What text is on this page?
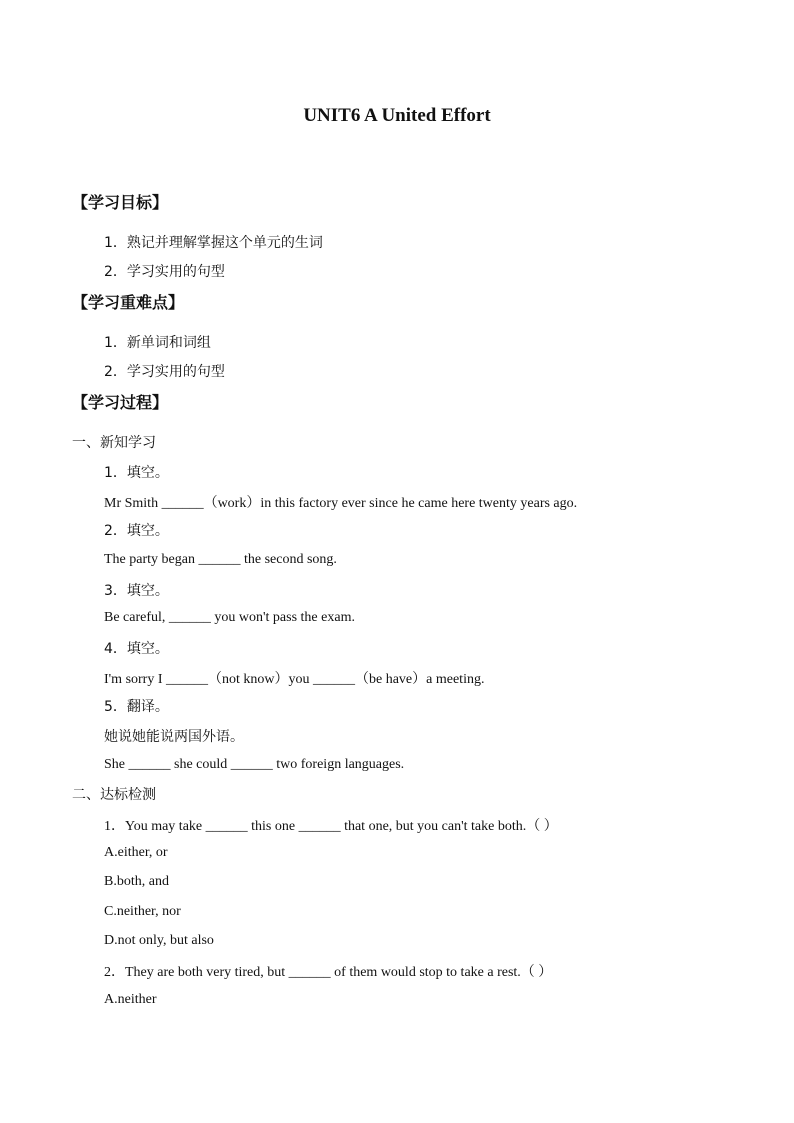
UNIT6 A United Effort
【学习目标】
1．熟记并理解掌握这个单元的生词
2．学习实用的句型
【学习重难点】
1．新单词和词组
2．学习实用的句型
【学习过程】
一、新知学习
1．填空。
Mr Smith ______（work）in this factory ever since he came here twenty years ago.
2．填空。
The party began ______ the second song.
3．填空。
Be careful, ______ you won't pass the exam.
4．填空。
I'm sorry I ______（not know）you ______（be have）a meeting.
5．翻译。
她说她能说两国外语。
She ______ she could ______ two foreign languages.
二、达标检测
1．You may take ______ this one ______ that one, but you can't take both.（ ）
A.either, or
B.both, and
C.neither, nor
D.not only, but also
2．They are both very tired, but ______ of them would stop to take a rest.（ ）
A.neither
